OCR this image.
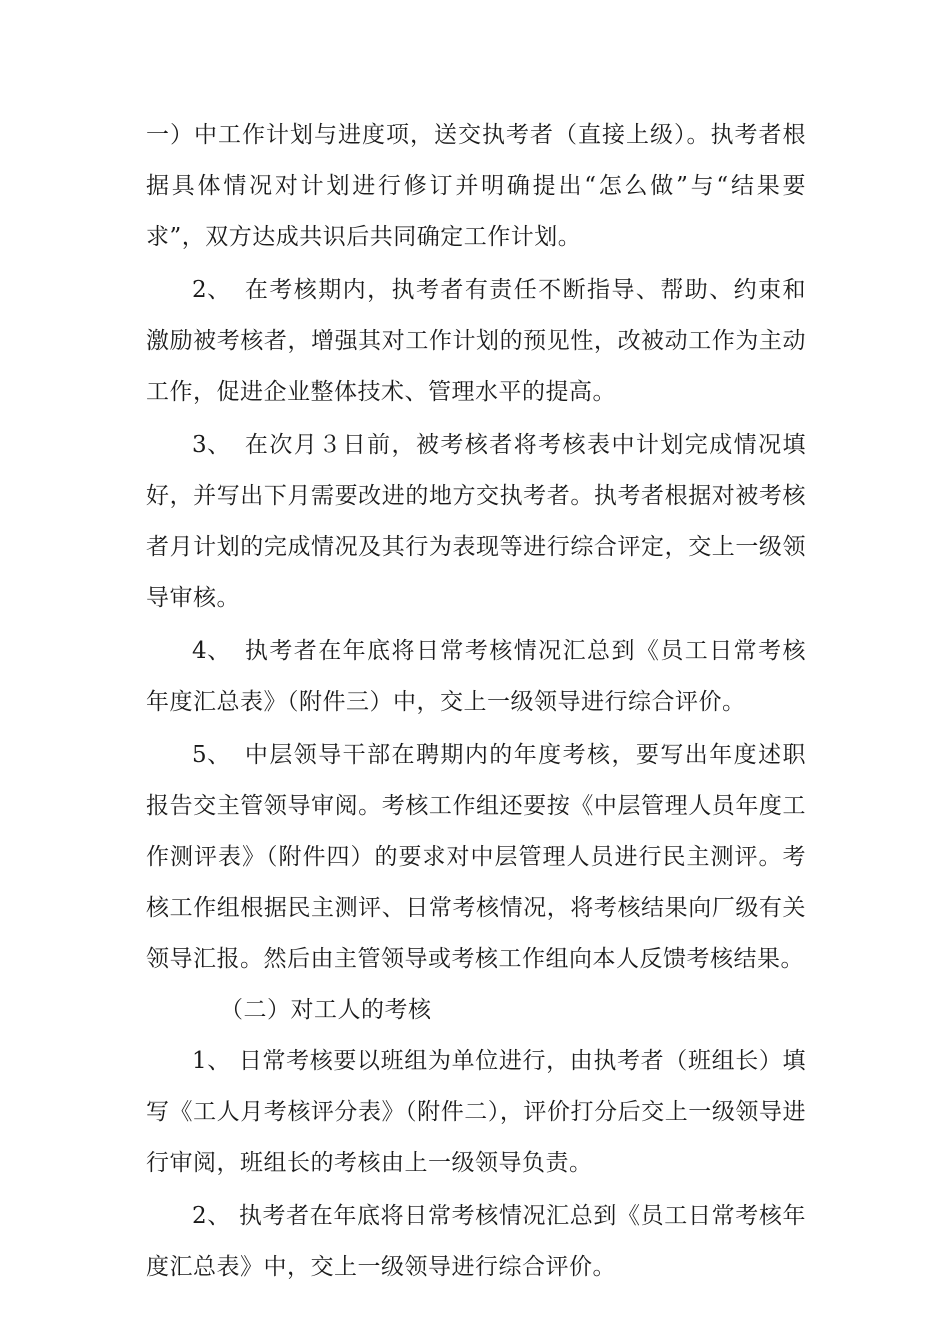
一）中工作计划与进度项，送交执考者（直接上级）。执考者根据具体情况对计划进行修订并明确提出“怎么做”与“结果要求”，双方达成共识后共同确定工作计划。

2、 在考核期内，执考者有责任不断指导、帮助、约束和激励被考核者，增强其对工作计划的预见性，改被动工作为主动工作，促进企业整体技术、管理水平的提高。

3、 在次月３日前，被考核者将考核表中计划完成情况填好，并写出下月需要改进的地方交执考者。执考者根据对被考核者月计划的完成情况及其行为表现等进行综合评定，交上一级领导审核。

4、 执考者在年底将日常考核情况汇总到《员工日常考核年度汇总表》（附件三）中，交上一级领导进行综合评价。

5、 中层领导干部在聘期内的年度考核，要写出年度述职报告交主管领导审阅。考核工作组还要按《中层管理人员年度工作测评表》（附件四）的要求对中层管理人员进行民主测评。考核工作组根据民主测评、日常考核情况，将考核结果向厂级有关领导汇报。然后由主管领导或考核工作组向本人反馈考核结果。

（二）对工人的考核

1、 日常考核要以班组为单位进行，由执考者（班组长）填写《工人月考核评分表》（附件二），评价打分后交上一级领导进行审阅，班组长的考核由上一级领导负责。

2、 执考者在年底将日常考核情况汇总到《员工日常考核年度汇总表》中，交上一级领导进行综合评价。
